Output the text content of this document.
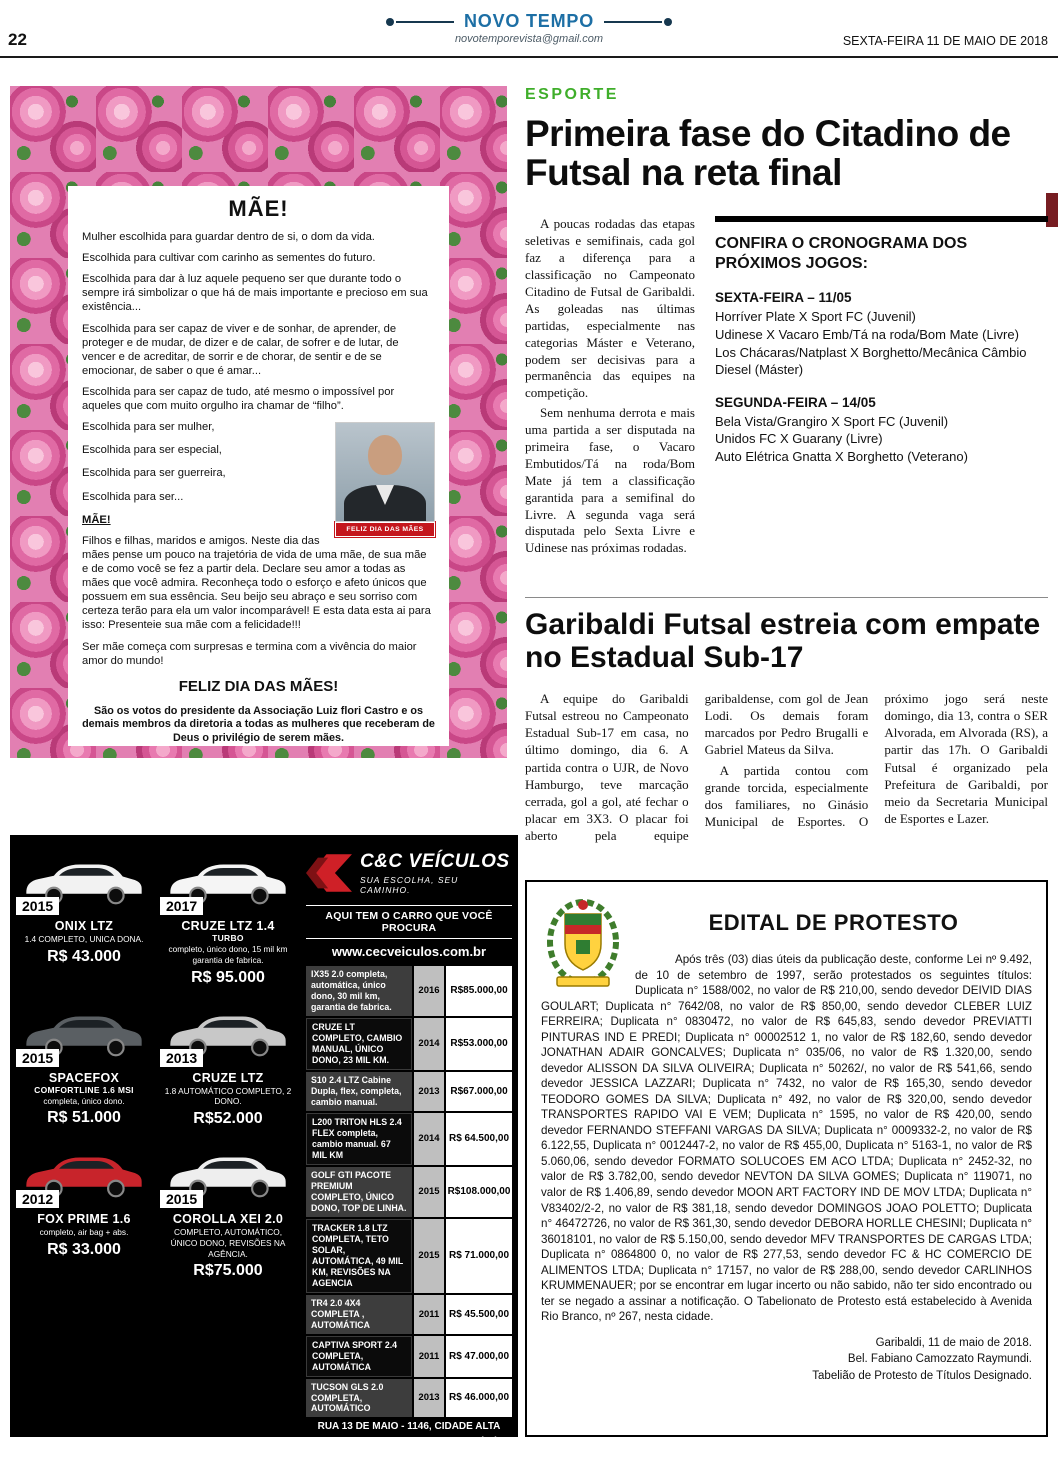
22
NOVO TEMPO
novotemporevista@gmail.com	SEXTA-FEIRA 11 DE MAIO DE 2018
MÃE!

Mulher escolhida para guardar dentro de si, o dom da vida.

Escolhida para cultivar com carinho as sementes do futuro.

Escolhida para dar à luz aquele pequeno ser que durante todo o sempre irá simbolizar o que há de mais importante e precioso em sua existência...

Escolhida para ser capaz de viver e de sonhar, de aprender, de proteger e de mudar, de dizer e de calar, de sofrer e de lutar, de vencer e de acreditar, de sorrir e de chorar, de sentir e de se emocionar, de saber o que é amar...

Escolhida para ser capaz de tudo, até mesmo o impossível por aqueles que com muito orgulho ira chamar de “filho”.

FELIZ DIA DAS MÃES

Escolhida para ser mulher,

Escolhida para ser especial,

Escolhida para ser guerreira,

Escolhida para ser...

MÃE!

Filhos e filhas, maridos e amigos. Neste dia das mães pense um pouco na trajetória de vida de uma mãe, de sua mãe e de como você se fez a partir dela. Declare seu amor a todas as mães que você admira. Reconheça todo o esforço e afeto únicos que possuem em sua essência. Seu beijo seu abraço e seu sorriso com certeza terão para ela um valor incomparável! E esta data esta ai para isso: Presenteie sua mãe com a felicidade!!!

Ser mãe começa com surpresas e termina com a vivência do maior amor do mundo!

FELIZ DIA DAS MÃES!

São os votos do presidente da Associação Luiz flori Castro e os demais membros da diretoria a todas as mulheres que receberam de Deus o privilégio de serem mães.

ESPORTE
Primeira fase do Citadino de Futsal na reta final

A poucas rodadas das etapas seletivas e semifinais, cada gol faz a diferença para a classificação no Campeonato Citadino de Futsal de Garibaldi. As goleadas nas últimas partidas, especialmente nas categorias Máster e Veterano, podem ser decisivas para a permanência das equipes na competição.

Sem nenhuma derrota e mais uma partida a ser disputada na primeira fase, o Vacaro Embutidos/Tá na roda/Bom Mate já tem a classificação garantida para a semifinal do Livre. A segunda vaga será disputada pelo Sexta Livre e Udinese nas próximas rodadas.

CONFIRA O CRONOGRAMA DOS PRÓXIMOS JOGOS:
SEXTA-FEIRA – 11/05
Horríver Plate X Sport FC (Juvenil)
Udinese X Vacaro Emb/Tá na roda/Bom Mate (Livre)
Los Chácaras/Natplast X Borghetto/Mecânica Câmbio Diesel (Máster)
SEGUNDA-FEIRA – 14/05
Bela Vista/Grangiro X Sport FC (Juvenil)
Unidos FC X Guarany (Livre)
Auto Elétrica Gnatta X Borghetto (Veterano)
Garibaldi Futsal estreia com empate no Estadual Sub-17

A equipe do Garibaldi Futsal estreou no Campeonato Estadual Sub-17 em casa, no último domingo, dia 6. A partida contra o UJR, de Novo Hamburgo, teve marcação cerrada, gol a gol, até fechar o placar em 3X3. O placar foi aberto pela equipe garibaldense, com gol de Jean Lodi. Os demais foram marcados por Pedro Brugalli e Gabriel Mateus da Silva.

A partida contou com grande torcida, especialmente dos familiares, no Ginásio Municipal de Esportes. O próximo jogo será neste domingo, dia 13, contra o SER Alvorada, em Alvorada (RS), a partir das 17h. O Garibaldi Futsal é organizado pela Prefeitura de Garibaldi, por meio da Secretaria Municipal de Esportes e Lazer.

2015
ONIX LTZ
1.4 COMPLETO, UNICA DONA.
R$ 43.000
2017
CRUZE LTZ 1.4
TURBO
completo, único dono, 15 mil km garantia de fabrica.
R$ 95.000
2015
SPACEFOX
COMFORTLINE 1.6 MSI
completa, único dono.
R$ 51.000
2013
CRUZE LTZ
1.8 AUTOMÁTICO COMPLETO, 2 DONO.
R$52.000
2012
FOX PRIME 1.6
completo, air bag + abs.
R$ 33.000
2015
COROLLA XEI 2.0
COMPLETO, AUTOMÁTICO, ÚNICO DONO, REVISÕES NA AGÊNCIA.
R$75.000
C&C VEÍCULOS
SUA ESCOLHA, SEU CAMINHO.
AQUI TEM O CARRO QUE VOCÊ PROCURA
www.cecveiculos.com.br
IX35 2.0 completa, automática, único dono, 30 mil km, garantia de fabrica.
2016	R$85.000,00
CRUZE LT COMPLETO, CAMBIO MANUAL, ÚNICO DONO, 23 MIL KM.
2014	R$53.000,00
S10 2.4 LTZ Cabine Dupla, flex, completa, cambio manual.
2013	R$67.000,00
L200 TRITON HLS 2.4 FLEX completa, cambio manual. 67 MIL KM
2014 R$ 64.500,00
GOLF GTI PACOTE PREMIUM COMPLETO, ÚNICO DONO, TOP DE LINHA.
2015 R$108.000,00
TRACKER 1.8 LTZ COMPLETA, TETO SOLAR, AUTOMÁTICA, 49 MIL KM, REVISÕES NA AGENCIA
2015 R$ 71.000,00
TR4 2.0 4X4 COMPLETA , AUTOMÁTICA
2011 R$ 45.500,00
CAPTIVA SPORT 2.4 COMPLETA, AUTOMÁTICA
2011 R$ 47.000,00
TUCSON GLS 2.0 COMPLETA, AUTOMÁTICO
2013 R$ 46.000,00
RUA 13 DE MAIO - 1146, CIDADE ALTA
BENTO GONÇALVES-RS - FONE: (54) 3055.2737 | 991178448
cecveiculos@hotmail.com
EDITAL DE PROTESTO

Após três (03) dias úteis da publicação deste, conforme Lei nº 9.492, de 10 de setembro de 1997, serão protestados os seguintes títulos: Duplicata n° 1588/002, no valor de R$ 210,00, sendo devedor DEIVID DIAS GOULART; Duplicata n° 7642/08, no valor de R$ 850,00, sendo devedor CLEBER LUIZ FERREIRA; Duplicata n° 0830472, no valor de R$ 645,83, sendo devedor PREVIATTI PINTURAS IND E PREDI; Duplicata n° 00002512 1, no valor de R$ 182,60, sendo devedor JONATHAN ADAIR GONCALVES; Duplicata n° 035/06, no valor de R$ 1.320,00, sendo devedor ALISSON DA SILVA OLIVEIRA; Duplicata n° 50262/, no valor de R$ 541,66, sendo devedor JESSICA LAZZARI; Duplicata n° 7432, no valor de R$ 165,30, sendo devedor TEODORO GOMES DA SILVA; Duplicata n° 492, no valor de R$ 320,00, sendo devedor TRANSPORTES RAPIDO VAI E VEM; Duplicata n° 1595, no valor de R$ 420,00, sendo devedor FERNANDO STEFFANI VARGAS DA SILVA; Duplicata n° 0009332-2, no valor de R$ 6.122,55, Duplicata n° 0012447-2, no valor de R$ 455,00, Duplicata n° 5163-1, no valor de R$ 5.060,06, sendo devedor FORMATO SOLUCOES EM ACO LTDA; Duplicata n° 2452-32, no valor de R$ 3.782,00, sendo devedor NEVTON DA SILVA GOMES; Duplicata n° 119071, no valor de R$ 1.406,89, sendo devedor MOON ART FACTORY IND DE MOV LTDA; Duplicata n° V83402/2-2, no valor de R$ 381,18, sendo devedor DOMINGOS JOAO POLETTO; Duplicata n° 46472726, no valor de R$ 361,30, sendo devedor DEBORA HORLLE CHESINI; Duplicata n° 36018101, no valor de R$ 5.150,00, sendo devedor MFV TRANSPORTES DE CARGAS LTDA; Duplicata n° 0864800 0, no valor de R$ 277,53, sendo devedor FC & HC COMERCIO DE ALIMENTOS LTDA; Duplicata n° 17157, no valor de R$ 288,00, sendo devedor CARLINHOS KRUMMENAUER; por se encontrar em lugar incerto ou não sabido, não ter sido encontrado ou ter se negado a assinar a notificação. O Tabelionato de Protesto está estabelecido à Avenida Rio Branco, nº 267, nesta cidade.

Garibaldi, 11 de maio de 2018.
Bel. Fabiano Camozzato Raymundi.
Tabelião de Protesto de Títulos Designado.
